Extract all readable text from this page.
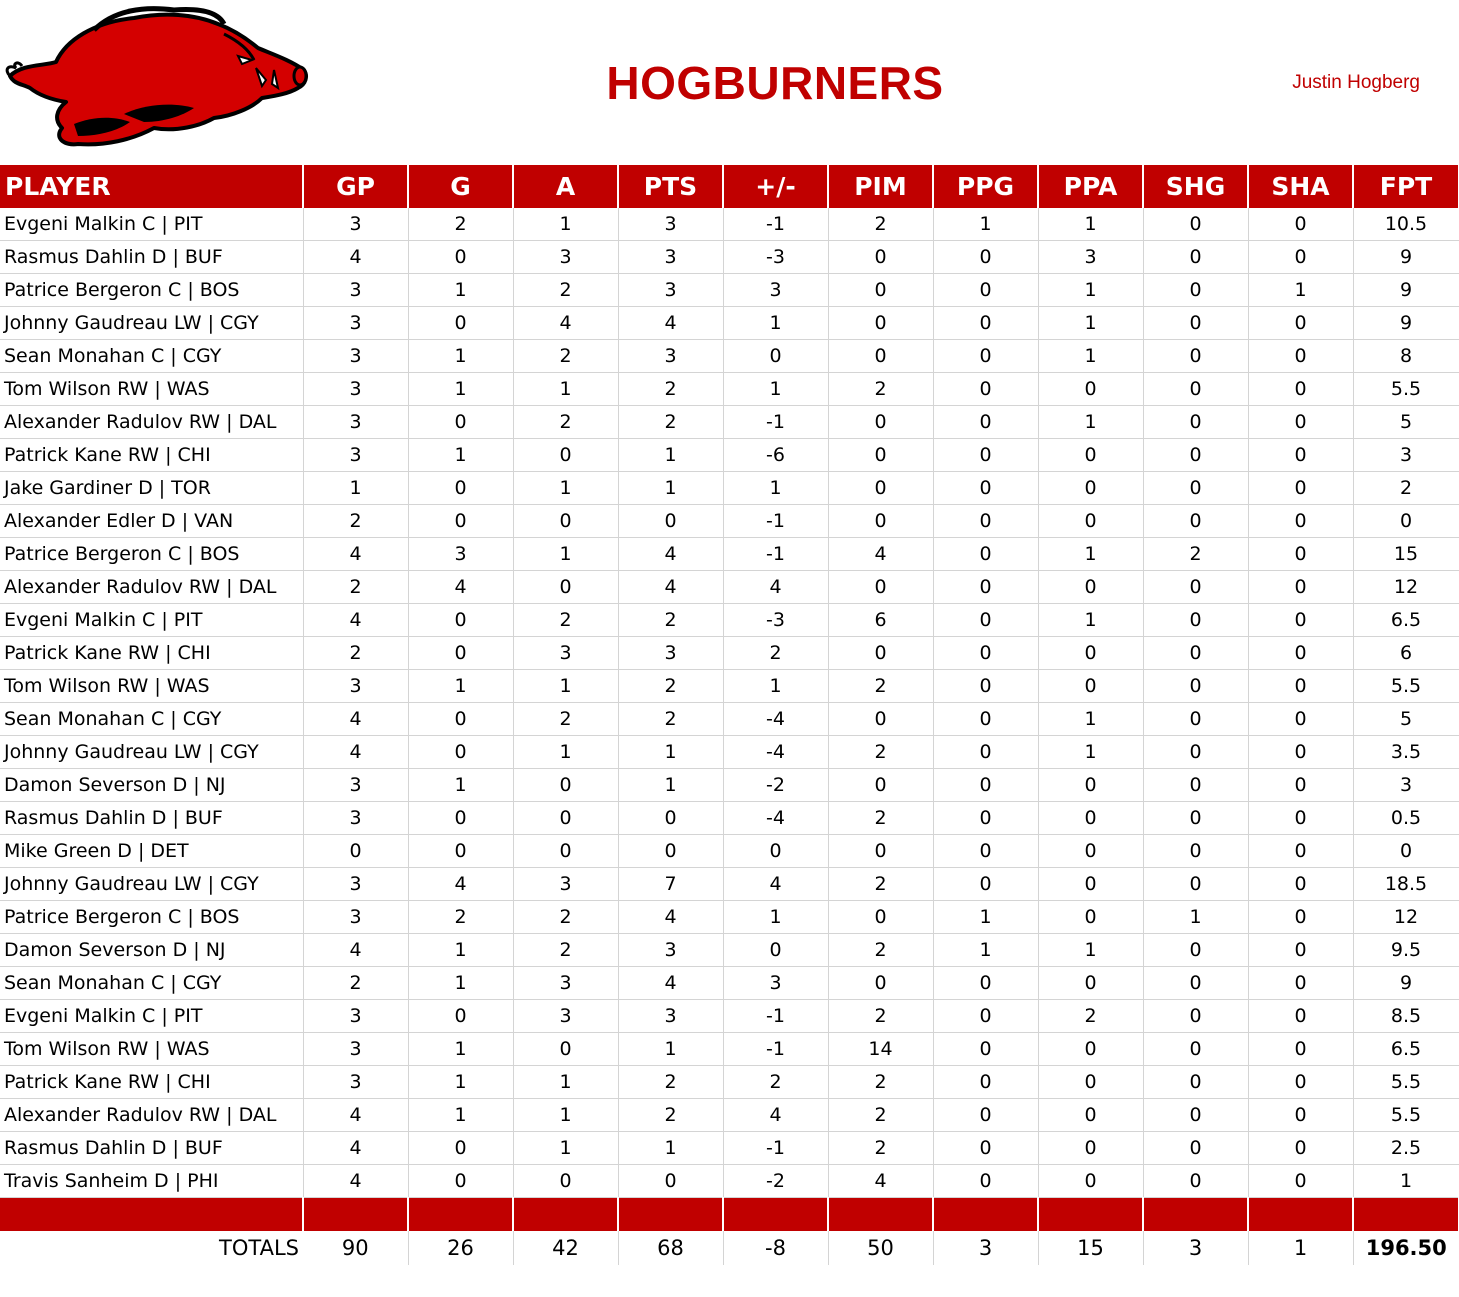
HOGBURNERS	Justin Hogberg
PLAYER	GP	G	A	PTS	+/-	PIM	PPG	PPA	SHG	SHA	FPT
Evgeni Malkin C | PIT	3	2	1	3	-1	2	1	1	0	0	10.5
Rasmus Dahlin D | BUF	4	0	3	3	-3	0	0	3	0	0	9
Patrice Bergeron C | BOS	3	1	2	3	3	0	0	1	0	1	9
Johnny Gaudreau LW | CGY	3	0	4	4	1	0	0	1	0	0	9
Sean Monahan C | CGY	3	1	2	3	0	0	0	1	0	0	8
Tom Wilson RW | WAS	3	1	1	2	1	2	0	0	0	0	5.5
Alexander Radulov RW | DAL	3	0	2	2	-1	0	0	1	0	0	5
Patrick Kane RW | CHI	3	1	0	1	-6	0	0	0	0	0	3
Jake Gardiner D | TOR	1	0	1	1	1	0	0	0	0	0	2
Alexander Edler D | VAN	2	0	0	0	-1	0	0	0	0	0	0
Patrice Bergeron C | BOS	4	3	1	4	-1	4	0	1	2	0	15
Alexander Radulov RW | DAL	2	4	0	4	4	0	0	0	0	0	12
Evgeni Malkin C | PIT	4	0	2	2	-3	6	0	1	0	0	6.5
Patrick Kane RW | CHI	2	0	3	3	2	0	0	0	0	0	6
Tom Wilson RW | WAS	3	1	1	2	1	2	0	0	0	0	5.5
Sean Monahan C | CGY	4	0	2	2	-4	0	0	1	0	0	5
Johnny Gaudreau LW | CGY	4	0	1	1	-4	2	0	1	0	0	3.5
Damon Severson D | NJ	3	1	0	1	-2	0	0	0	0	0	3
Rasmus Dahlin D | BUF	3	0	0	0	-4	2	0	0	0	0	0.5
Mike Green D | DET	0	0	0	0	0	0	0	0	0	0	0
Johnny Gaudreau LW | CGY	3	4	3	7	4	2	0	0	0	0	18.5
Patrice Bergeron C | BOS	3	2	2	4	1	0	1	0	1	0	12
Damon Severson D | NJ	4	1	2	3	0	2	1	1	0	0	9.5
Sean Monahan C | CGY	2	1	3	4	3	0	0	0	0	0	9
Evgeni Malkin C | PIT	3	0	3	3	-1	2	0	2	0	0	8.5
Tom Wilson RW | WAS	3	1	0	1	-1	14	0	0	0	0	6.5
Patrick Kane RW | CHI	3	1	1	2	2	2	0	0	0	0	5.5
Alexander Radulov RW | DAL	4	1	1	2	4	2	0	0	0	0	5.5
Rasmus Dahlin D | BUF	4	0	1	1	-1	2	0	0	0	0	2.5
Travis Sanheim D | PHI	4	0	0	0	-2	4	0	0	0	0	1

TOTALS	90	26	42	68	-8	50	3	15	3	1	196.50
